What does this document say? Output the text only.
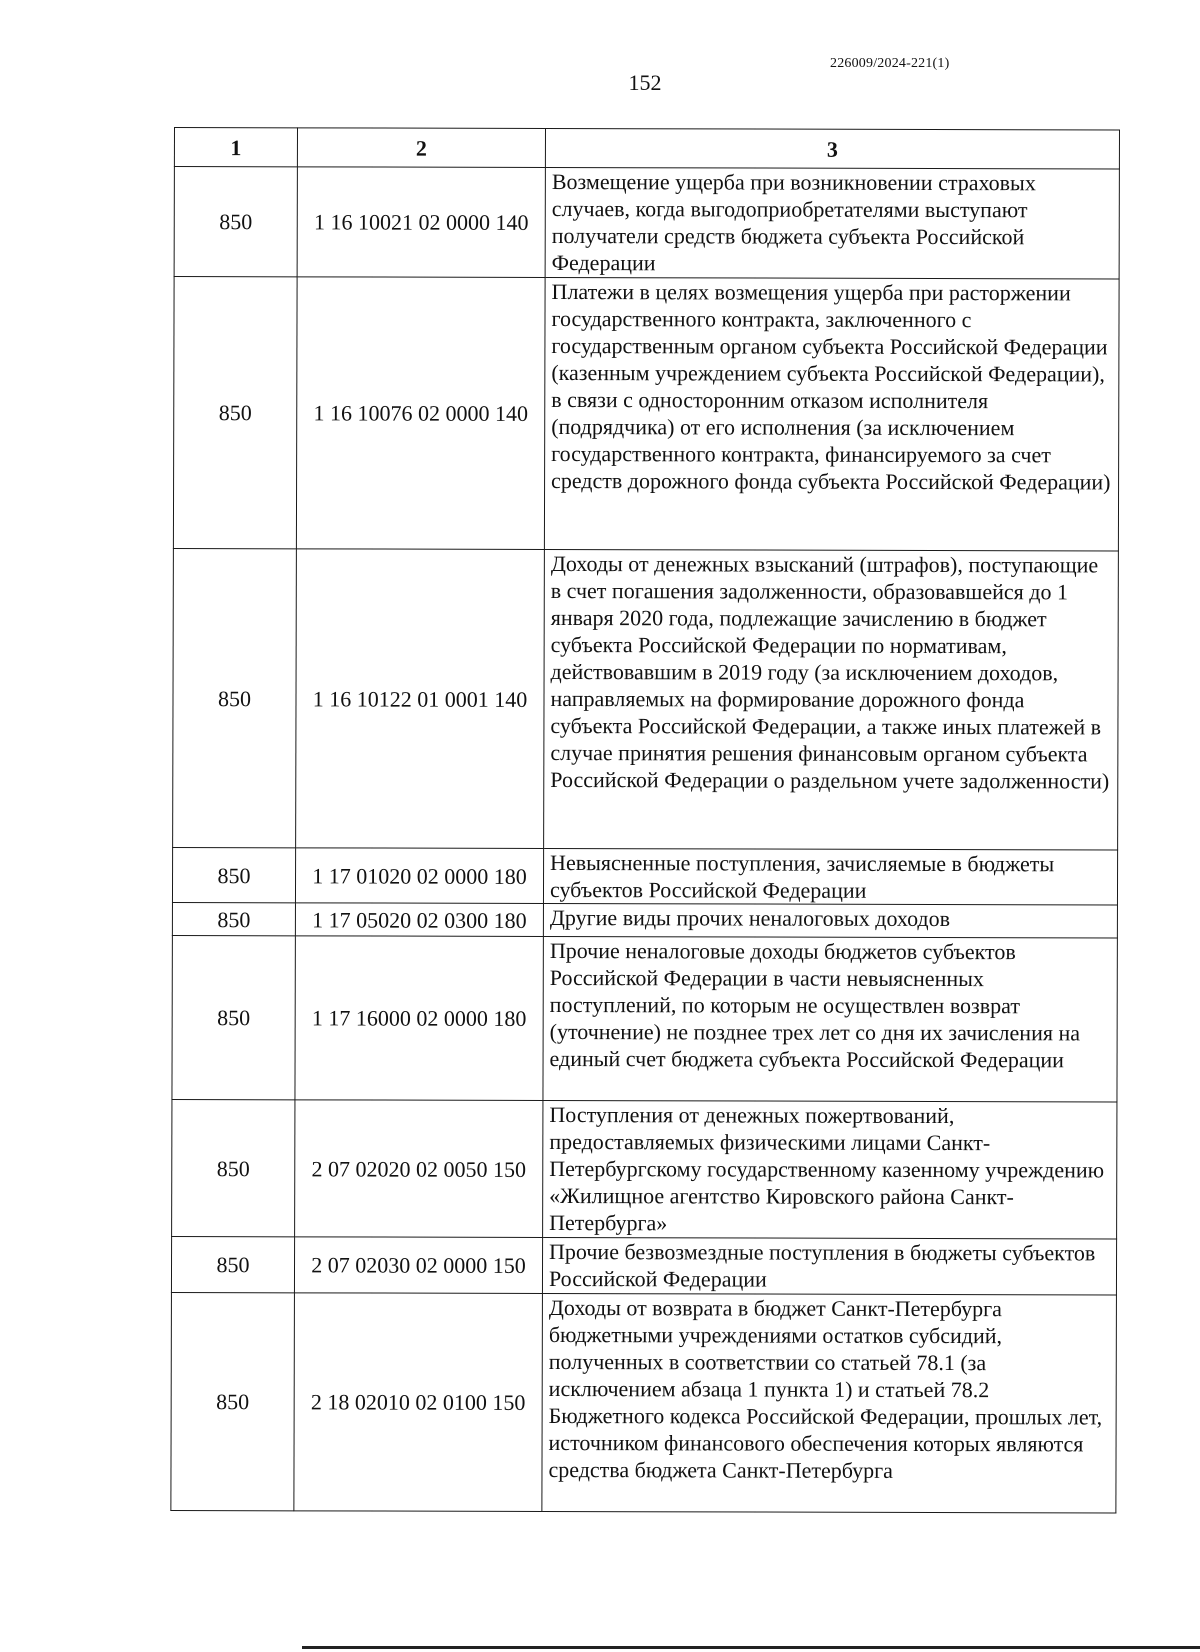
226009/2024-221(1)
152
1	2	3
850	1 16 10021 02 0000 140	Возмещение ущерба при возникновении страховых случаев, когда выгодоприобретателями выступают получатели средств бюджета субъекта Российской Федерации
850	1 16 10076 02 0000 140	Платежи в целях возмещения ущерба при расторжении государственного контракта, заключенного с государственным органом субъекта Российской Федерации (казенным учреждением субъекта Российской Федерации), в связи с односторонним отказом исполнителя (подрядчика) от его исполнения (за исключением государственного контракта, финансируемого за счет средств дорожного фонда субъекта Российской Федерации)
850	1 16 10122 01 0001 140	Доходы от денежных взысканий (штрафов), поступающие в счет погашения задолженности, образовавшейся до 1 января 2020 года, подлежащие зачислению в бюджет субъекта Российской Федерации по нормативам, действовавшим в 2019 году (за исключением доходов, направляемых на формирование дорожного фонда субъекта Российской Федерации, а также иных платежей в случае принятия решения финансовым органом субъекта Российской Федерации о раздельном учете задолженности)
850	1 17 01020 02 0000 180	Невыясненные поступления, зачисляемые в бюджеты субъектов Российской Федерации
850	1 17 05020 02 0300 180	Другие виды прочих неналоговых доходов
850	1 17 16000 02 0000 180	Прочие неналоговые доходы бюджетов субъектов Российской Федерации в части невыясненных поступлений, по которым не осуществлен возврат (уточнение) не позднее трех лет со дня их зачисления на единый счет бюджета субъекта Российской Федерации
850	2 07 02020 02 0050 150	Поступления от денежных пожертвований, предоставляемых физическими лицами Санкт-Петербургскому государственному казенному учреждению «Жилищное агентство Кировского района Санкт-Петербурга»
850	2 07 02030 02 0000 150	Прочие безвозмездные поступления в бюджеты субъектов Российской Федерации
850	2 18 02010 02 0100 150	Доходы от возврата в бюджет Санкт-Петербурга бюджетными учреждениями остатков субсидий, полученных в соответствии со статьей 78.1 (за исключением абзаца 1 пункта 1) и статьей 78.2 Бюджетного кодекса Российской Федерации, прошлых лет, источником финансового обеспечения которых являются средства бюджета Санкт-Петербурга
